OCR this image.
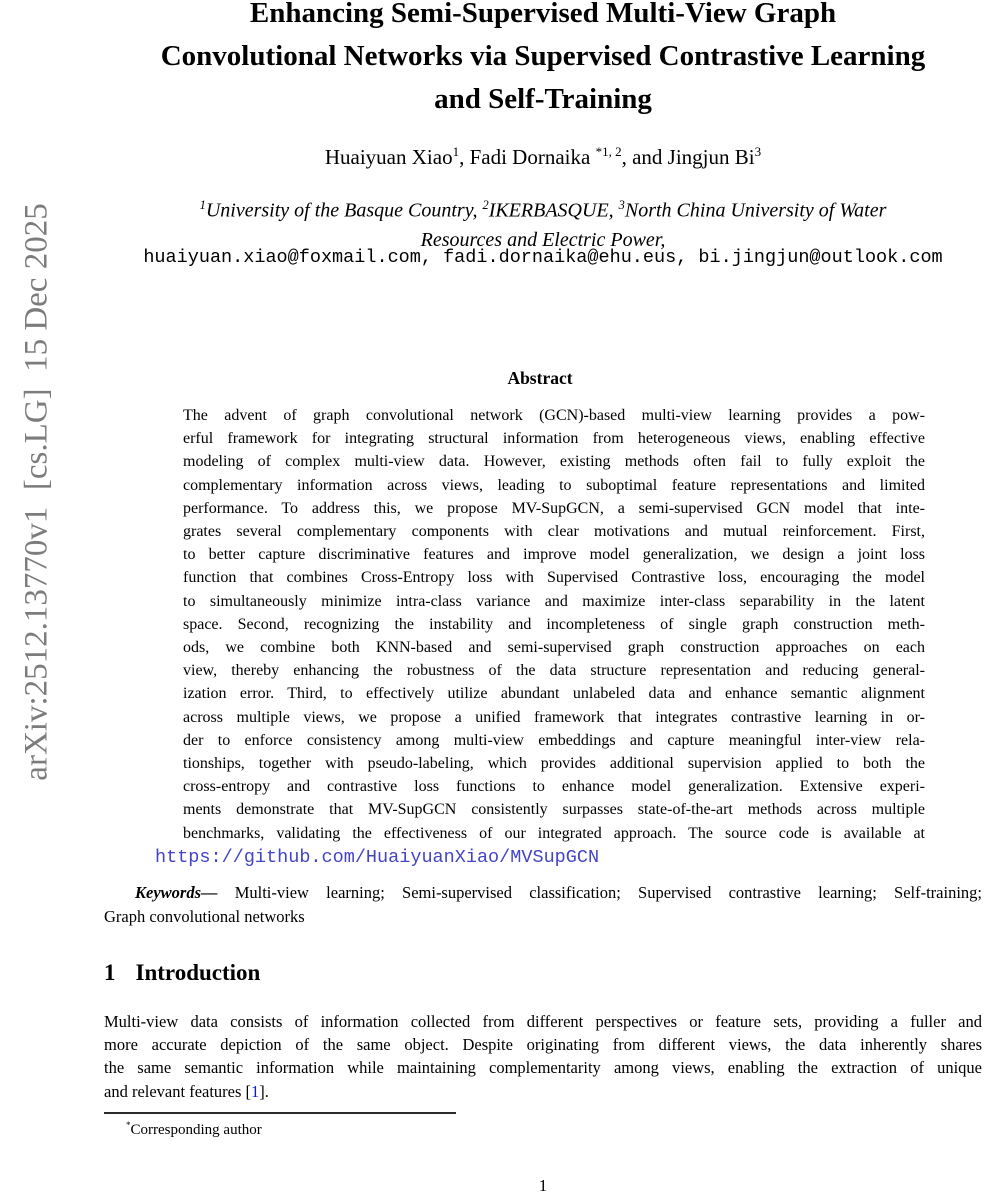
arXiv:2512.13770v1  [cs.LG]  15 Dec 2025
Enhancing Semi-Supervised Multi-View Graph
Convolutional Networks via Supervised Contrastive Learning
and Self-Training
Huaiyuan Xiao$^1$, Fadi Dornaika $^{*1, 2}$, and Jingjun Bi$^3$
$^1$University of the Basque Country, $^2$IKERBASQUE, $^3$North China University of Water
Resources and Electric Power,
huaiyuan.xiao@foxmail.com, fadi.dornaika@ehu.eus, bi.jingjun@outlook.com
Abstract
The advent of graph convolutional network (GCN)-based multi-view learning provides a pow-
erful framework for integrating structural information from heterogeneous views, enabling effective
modeling of complex multi-view data. However, existing methods often fail to fully exploit the
complementary information across views, leading to suboptimal feature representations and limited
performance. To address this, we propose MV-SupGCN, a semi-supervised GCN model that inte-
grates several complementary components with clear motivations and mutual reinforcement. First,
to better capture discriminative features and improve model generalization, we design a joint loss
function that combines Cross-Entropy loss with Supervised Contrastive loss, encouraging the model
to simultaneously minimize intra-class variance and maximize inter-class separability in the latent
space. Second, recognizing the instability and incompleteness of single graph construction meth-
ods, we combine both KNN-based and semi-supervised graph construction approaches on each
view, thereby enhancing the robustness of the data structure representation and reducing general-
ization error. Third, to effectively utilize abundant unlabeled data and enhance semantic alignment
across multiple views, we propose a unified framework that integrates contrastive learning in or-
der to enforce consistency among multi-view embeddings and capture meaningful inter-view rela-
tionships, together with pseudo-labeling, which provides additional supervision applied to both the
cross-entropy and contrastive loss functions to enhance model generalization. Extensive experi-
ments demonstrate that MV-SupGCN consistently surpasses state-of-the-art methods across multiple
benchmarks, validating the effectiveness of our integrated approach. The source code is available at
https://github.com/HuaiyuanXiao/MVSupGCN
Keywords— Multi-view learning; Semi-supervised classification; Supervised contrastive learning; Self-training;
Graph convolutional networks
1 Introduction
Multi-view data consists of information collected from different perspectives or feature sets, providing a fuller and
more accurate depiction of the same object. Despite originating from different views, the data inherently shares
the same semantic information while maintaining complementarity among views, enabling the extraction of unique
and relevant features [1].
*Corresponding author
1
